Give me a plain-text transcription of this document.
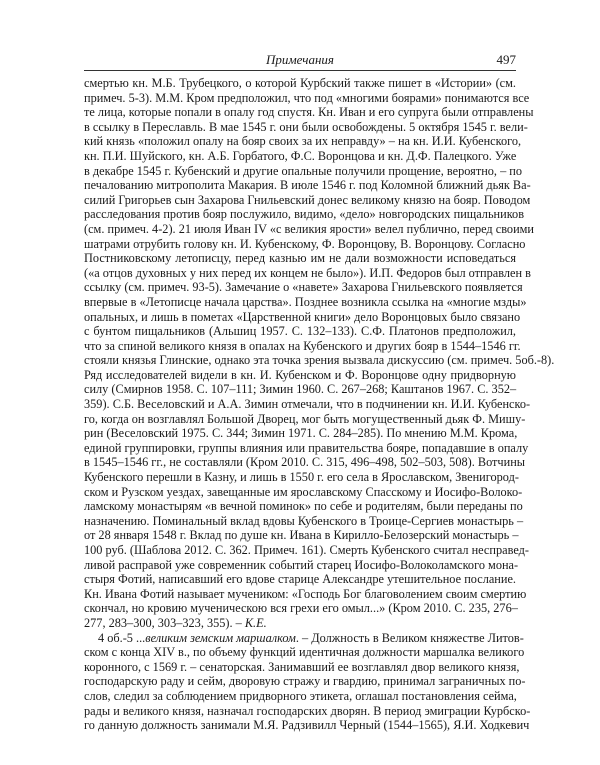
Примечания	497
смертью кн. М.Б. Трубецкого, о которой Курбский также пишет в «Истории» (см.
примеч. 5-3). М.М. Кром предположил, что под «многими боярами» понимаются все
те лица, которые попали в опалу год спустя. Кн. Иван и его супруга были отправлены
в ссылку в Переславль. В мае 1545 г. они были освобождены. 5 октября 1545 г. вели-
кий князь «положил опалу на бояр своих за их неправду» – на кн. И.И. Кубенского,
кн. П.И. Шуйского, кн. А.Б. Горбатого, Ф.С. Воронцова и кн. Д.Ф. Палецкого. Уже
в декабре 1545 г. Кубенский и другие опальные получили прощение, вероятно, – по
печалованию митрополита Макария. В июле 1546 г. под Коломной ближний дьяк Ва-
силий Григорьев сын Захарова Гнильевский донес великому князю на бояр. Поводом
расследования против бояр послужило, видимо, «дело» новгородских пищальников
(см. примеч. 4-2). 21 июля Иван IV «с великия ярости» велел публично, перед своими
шатрами отрубить голову кн. И. Кубенскому, Ф. Воронцову, В. Воронцову. Согласно
Постниковскому летописцу, перед казнью им не дали возможности исповедаться
(«а отцов духовных у них перед их концем не было»). И.П. Федоров был отправлен в
ссылку (см. примеч. 93-5). Замечание о «навете» Захарова Гнильевского появляется
впервые в «Летописце начала царства». Позднее возникла ссылка на «многие мзды»
опальных, и лишь в пометах «Царственной книги» дело Воронцовых было связано
с бунтом пищальников (Альшиц 1957. С. 132–133). С.Ф. Платонов предположил,
что за спиной великого князя в опалах на Кубенского и других бояр в 1544–1546 гг.
стояли князья Глинские, однако эта точка зрения вызвала дискуссию (см. примеч. 5об.-8).
Ряд исследователей видели в кн. И. Кубенском и Ф. Воронцове одну придворную
силу (Смирнов 1958. С. 107–111; Зимин 1960. С. 267–268; Каштанов 1967. С. 352–
359). С.Б. Веселовский и А.А. Зимин отмечали, что в подчинении кн. И.И. Кубенско-
го, когда он возглавлял Большой Дворец, мог быть могущественный дьяк Ф. Мишу-
рин (Веселовский 1975. С. 344; Зимин 1971. С. 284–285). По мнению М.М. Крома,
единой группировки, группы влияния или правительства бояре, попадавшие в опалу
в 1545–1546 гг., не составляли (Кром 2010. С. 315, 496–498, 502–503, 508). Вотчины
Кубенского перешли в Казну, и лишь в 1550 г. его села в Ярославском, Звенигород-
ском и Рузском уездах, завещанные им ярославскому Спасскому и Иосифо-Волоко-
ламскому монастырям «в вечной поминок» по себе и родителям, были переданы по
назначению. Поминальный вклад вдовы Кубенского в Троице-Сергиев монастырь –
от 28 января 1548 г. Вклад по душе кн. Ивана в Кирилло-Белозерский монастырь –
100 руб. (Шаблова 2012. С. 362. Примеч. 161). Смерть Кубенского считал несправед-
ливой расправой уже современник событий старец Иосифо-Волоколамского мона-
стыря Фотий, написавший его вдове старице Александре утешительное послание.
Кн. Ивана Фотий называет мучеником: «Господь Бог благоволением своим смертию
скончал, но кровию мученическою вся грехи его омыл...» (Кром 2010. С. 235, 276–
277, 283–300, 303–323, 355). – К.Е.
4 об.-5 ...великим земским маршалком. – Должность в Великом княжестве Литов-
ском с конца XIV в., по объему функций идентичная должности маршалка великого
коронного, с 1569 г. – сенаторская. Занимавший ее возглавлял двор великого князя,
господарскую раду и сейм, дворовую стражу и гвардию, принимал заграничных по-
слов, следил за соблюдением придворного этикета, оглашал постановления сейма,
рады и великого князя, назначал господарских дворян. В период эмиграции Курбско-
го данную должность занимали М.Я. Радзивилл Черный (1544–1565), Я.И. Ходкевич
